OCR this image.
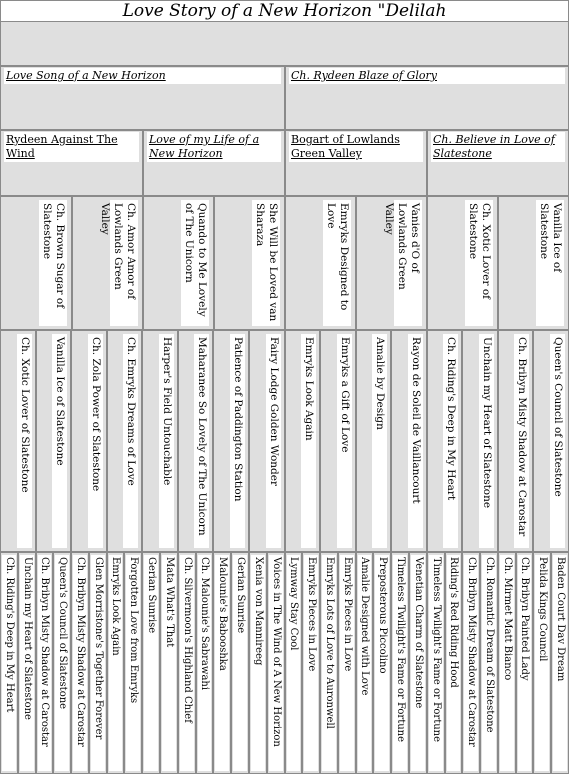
Love Story of a New Horizon "Delilah
Love Song of a New Horizon	Ch. Rydeen Blaze of Glory
Rydeen Against The Wind
Love of my Life of a New Horizon
Bogart of Lowlands Green Valley
Ch. Believe in Love of Slatestone
Ch. Brown Sugar of Slatestone	Ch. Amor Amor of Lowlands Green Valley	Quando to Me Lovely of The Unicorn	She Will be Loved van Sharaza	Emryks Designed to Love	Vanies d'O of Lowlands Green Valley	Ch. Xotic Lover of Slatestone	Vanilla Ice of Slatestone
Ch. Xotic Lover of Slatestone Vanilla Ice of Slatestone Ch. Zola Power of Slatestone Ch. Emryks Dreams of Love Harper's Field Untouchable Maharanee So Lovely of The Unicorn Patience of Paddington Station Fairy Lodge Golden Wonder Emryks Look Again Emryks a Gift of Love Amalie by Design Rayon de Soleil de Vaillancourt Ch. Riding's Deep in My Heart Unchain my Heart of Slatestone Ch. Bribyn Misty Shadow at Carostar Queen's Council of Slatestone
Ch. Riding's Deep in My Heart Unchain my Heart of Slatestone Ch. Bribyn Misty Shadow at Carostar Queen's Council of Slatestone Ch. Bribyn Misty Shadow at Carostar Glen Morristone's Together Forever Emryks Look Again Forgotten Love from Emryks Gerian Sunrise Mata What's That Ch. Silvermoon's Highland Chief Ch. Malounie's Sabrawahi Malounie's Babooshka Gerian Sunrise Xenia von Mannireeg Voices in The Wind of A New Horizon Lymway Stay Cool Emryks Pieces in Love Emryks Lots of Love to Auronwell Emryks Pieces in Love Amalie Designed with Love Preposterous Piccolino Timeless Twilight's Fame or Fortune Venetian Charm of Slatestone Timeless Twilight's Fame or Fortune Riding's Red Riding Hood Ch. Bribyn Misty Shadow at Carostar Ch. Romantic Dream of Slatestone Ch. Mirmet Matt Bianco Ch. Bribyn Painted Lady Pelida Kings Council Baden Court Dav Dream
